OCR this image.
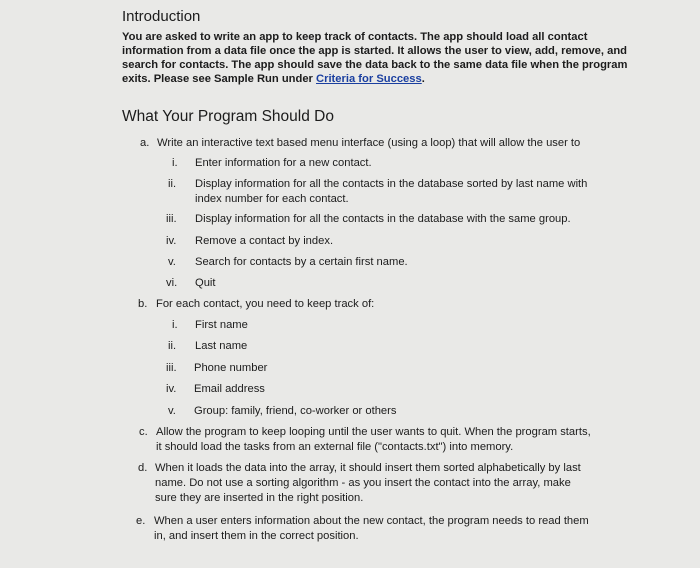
Introduction
You are asked to write an app to keep track of contacts. The app should load all contact
information from a data file once the app is started. It allows the user to view, add, remove, and
search for contacts. The app should save the data back to the same data file when the program
exits. Please see Sample Run under Criteria for Success.
What Your Program Should Do
a. Write an interactive text based menu interface (using a loop) that will allow the user to
i. Enter information for a new contact.
ii. Display information for all the contacts in the database sorted by last name with
index number for each contact.
iii. Display information for all the contacts in the database with the same group.
iv. Remove a contact by index.
v. Search for contacts by a certain first name.
vi. Quit
b. For each contact, you need to keep track of:
i. First name
ii. Last name
iii. Phone number
iv. Email address
v. Group: family, friend, co-worker or others
c. Allow the program to keep looping until the user wants to quit. When the program starts,
it should load the tasks from an external file ("contacts.txt") into memory.
d. When it loads the data into the array, it should insert them sorted alphabetically by last
name. Do not use a sorting algorithm - as you insert the contact into the array, make
sure they are inserted in the right position.
e. When a user enters information about the new contact, the program needs to read them
in, and insert them in the correct position.
